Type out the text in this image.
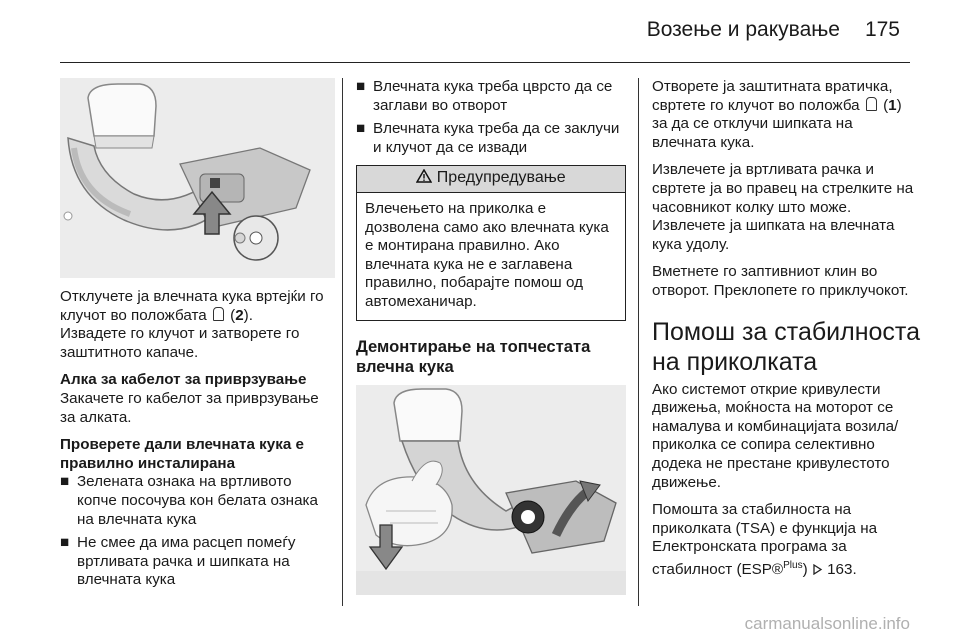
Возење и ракување 175

Отклучете ја влечната кука вртејќи го клучот во положбата  (2).
Извадете го клучот и затворете го заштитното капаче.

Алка за кабелот за приврзување

Закачете го кабелот за приврзување за алката.

Проверете дали влечната кука е правилно инсталирана

■ Зелената ознака на вртливото копче посочува кон белата ознака на влечната кука
■ Не смее да има расцеп помеѓу вртливата рачка и шипката на влечната кука
■ Влечната кука треба цврсто да се заглави во отворот
■ Влечната кука треба да се заклучи и клучот да се извади
Предупредување
Влечењето на приколка е дозволена само ако влечната кука е монтирана правилно. Ако влечната кука не е заглавена правилно, побарајте помош од автомеханичар.
Демонтирање на топчестата влечна кука

Отворете ја заштитната вратичка, свртете го клучот во положба  (1) за да се отклучи шипката на влечната кука.

Извлечете ја вртливата рачка и свртете ја во правец на стрелките на часовникот колку што може. Извлечете ја шипката на влечната кука удолу.

Вметнете го заптивниот клин во отворот. Преклопете го приклучокот.

Помош за стабилноста на приколката

Ако системот открие кривулести движења, моќноста на моторот се намалува и комбинацијата возила/ приколка се сопира селективно додека не престане кривулестото движење.

Помошта за стабилноста на приколката (TSA) е функција на Електронската програма за стабилност (ESP®$^{Plus}$)  163.

carmanualsonline.info
